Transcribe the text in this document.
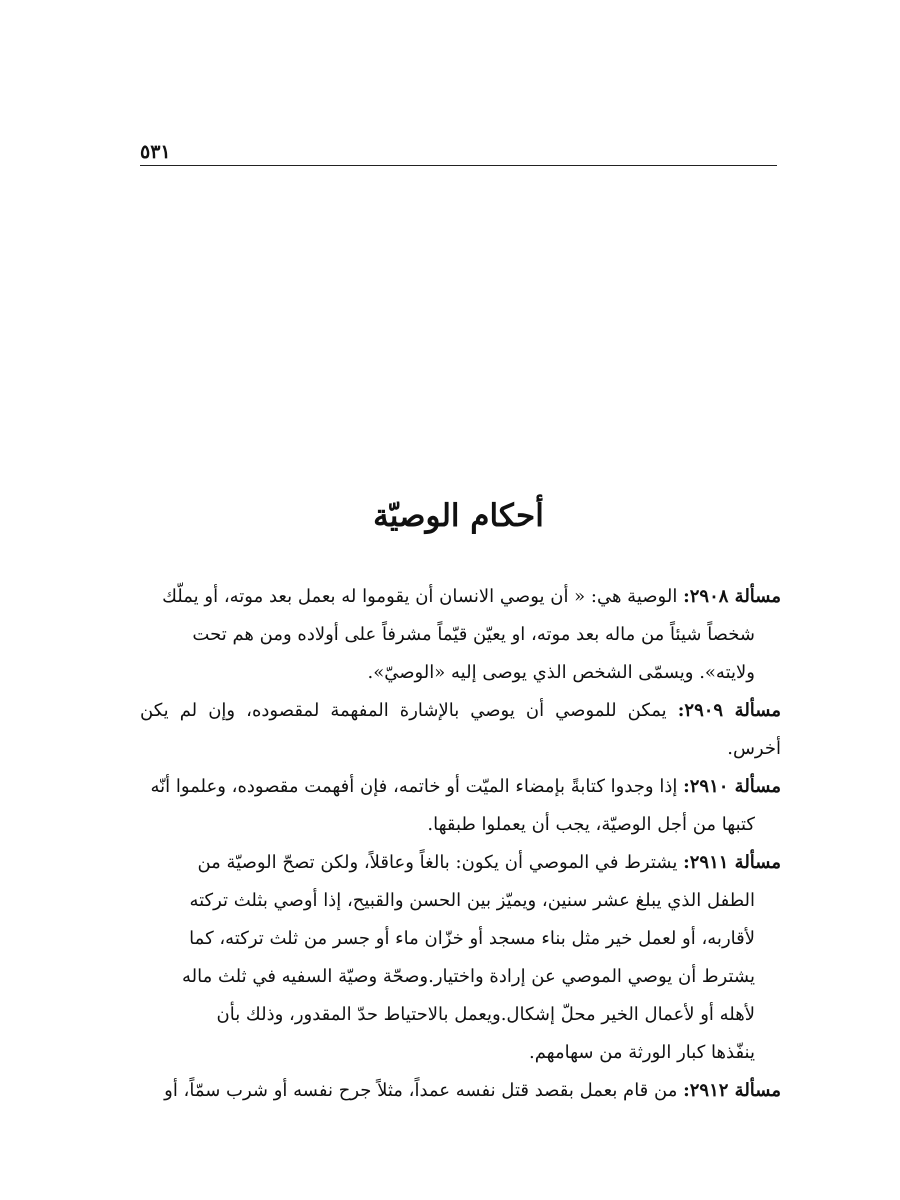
٥٣١
أحكام الوصيّة
مسألة ٢٩٠٨: الوصية هي: « أن يوصي الانسان أن يقوموا له بعمل بعد موته، أو يملّك
شخصاً شيئاً من ماله بعد موته، او يعيّن قيّماً مشرفاً على أولاده ومن هم تحت
ولايته». ويسمّى الشخص الذي يوصى إليه «الوصيّ».
مسألة ٢٩٠٩: يمكن للموصي أن يوصي بالإشارة المفهمة لمقصوده، وإن لم يكن أخرس.
مسألة ٢٩١٠: إذا وجدوا كتابةً بإمضاء الميّت أو خاتمه، فإن أفهمت مقصوده، وعلموا أنّه
كتبها من أجل الوصيّة، يجب أن يعملوا طبقها.
مسألة ٢٩١١: يشترط في الموصي أن يكون: بالغاً وعاقلاً، ولكن تصحّ الوصيّة من
الطفل الذي يبلغ عشر سنين، ويميّز بين الحسن والقبيح، إذا أوصي بثلث تركته
لأقاربه، أو لعمل خير مثل بناء مسجد أو خزّان ماء أو جسر من ثلث تركته، كما
يشترط أن يوصي الموصي عن إرادة واختيار.وصحّة وصيّة السفيه في ثلث ماله
لأهله أو لأعمال الخير محلّ إشكال.ويعمل بالاحتياط حدّ المقدور، وذلك بأن
ينفّذها كبار الورثة من سهامهم.
مسألة ٢٩١٢: من قام بعمل بقصد قتل نفسه عمداً، مثلاً جرح نفسه أو شرب سمّاً، أو
